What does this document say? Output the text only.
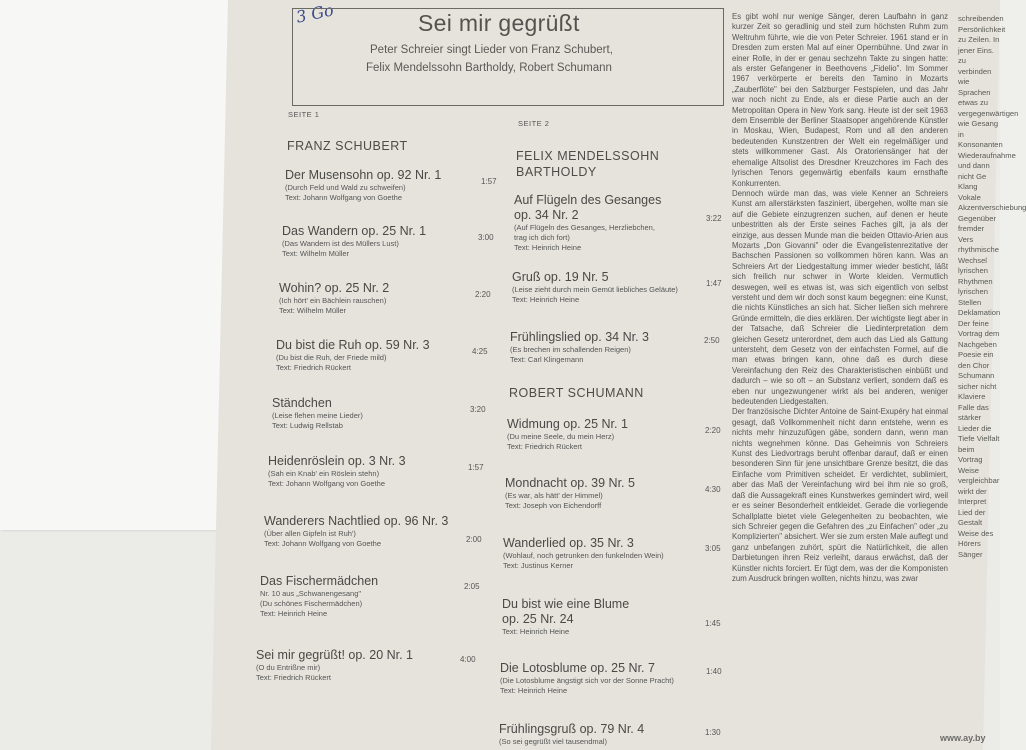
3 Go	Sei mir gegrüßt
Peter Schreier singt Lieder von Franz Schubert,
Felix Mendelssohn Bartholdy, Robert Schumann
SEITE 1
FRANZ SCHUBERT
Der Musensohn op. 92 Nr. 1
(Durch Feld und Wald zu schweifen)
Text: Johann Wolfgang von Goethe
1:57
Das Wandern op. 25 Nr. 1
(Das Wandern ist des Müllers Lust)
Text: Wilhelm Müller
3:00
Wohin? op. 25 Nr. 2
(Ich hört' ein Bächlein rauschen)
Text: Wilhelm Müller
2:20
Du bist die Ruh op. 59 Nr. 3
(Du bist die Ruh, der Friede mild)
Text: Friedrich Rückert
4:25
Ständchen
(Leise flehen meine Lieder)
Text: Ludwig Rellstab
3:20
Heidenröslein op. 3 Nr. 3
(Sah ein Knab' ein Röslein stehn)
Text: Johann Wolfgang von Goethe
1:57
Wanderers Nachtlied op. 96 Nr. 3
(Über allen Gipfeln ist Ruh')
Text: Johann Wolfgang von Goethe	2:00
Das Fischermädchen
Nr. 10 aus „Schwanengesang"
(Du schönes Fischermädchen)
Text: Heinrich Heine
2:05
Sei mir gegrüßt! op. 20 Nr. 1
(O du Entrißne mir)
Text: Friedrich Rückert
4:00
SEITE 2
FELIX MENDELSSOHN
BARTHOLDY
Auf Flügeln des Gesanges
op. 34 Nr. 2
(Auf Flügeln des Gesanges, Herzliebchen,
trag ich dich fort)
Text: Heinrich Heine
3:22
Gruß op. 19 Nr. 5
(Leise zieht durch mein Gemüt liebliches Geläute)
Text: Heinrich Heine
1:47
Frühlingslied op. 34 Nr. 3
(Es brechen im schallenden Reigen)
Text: Carl Klingemann
2:50
ROBERT SCHUMANN
Widmung op. 25 Nr. 1
(Du meine Seele, du mein Herz)
Text: Friedrich Rückert
2:20
Mondnacht op. 39 Nr. 5
(Es war, als hätt' der Himmel)
Text: Joseph von Eichendorff
4:30
Wanderlied op. 35 Nr. 3
(Wohlauf, noch getrunken den funkelnden Wein)
Text: Justinus Kerner
3:05
Du bist wie eine Blume
op. 25 Nr. 24
Text: Heinrich Heine
1:45
Die Lotosblume op. 25 Nr. 7
(Die Lotosblume ängstigt sich vor der Sonne Pracht)
Text: Heinrich Heine
1:40
Frühlingsgruß op. 79 Nr. 4
(So sei gegrüßt viel tausendmal)
1:30

Es gibt wohl nur wenige Sänger, deren Laufbahn in ganz kurzer Zeit so geradlinig und steil zum höchsten Ruhm zum Weltruhm führte, wie die von Peter Schreier. 1961 stand er in Dresden zum ersten Mal auf einer Opernbühne. Und zwar in einer Rolle, in der er genau sechzehn Takte zu singen hatte: als erster Gefangener in Beethovens „Fidelio". Im Sommer 1967 verkörperte er bereits den Tamino in Mozarts „Zauberflöte" bei den Salzburger Festspielen, und das Jahr war noch nicht zu Ende, als er diese Partie auch an der Metropolitan Opera in New York sang. Heute ist der seit 1963 dem Ensemble der Berliner Staatsoper angehörende Künstler in Moskau, Wien, Budapest, Rom und all den anderen bedeutenden Kunstzentren der Welt ein regelmäßiger und stets willkommener Gast. Als Oratoriensänger hat der ehemalige Altsolist des Dresdner Kreuzchores im Fach des lyrischen Tenors gegenwärtig ebenfalls kaum ernsthafte Konkurrenten.

Dennoch würde man das, was viele Kenner an Schreiers Kunst am allerstärksten fasziniert, übergehen, wollte man sie auf die Gebiete einzugrenzen suchen, auf denen er heute unbestritten als der Erste seines Faches gilt, ja als der einzige, aus dessen Munde man die beiden Ottavio-Arien aus Mozarts „Don Giovanni" oder die Evangelistenrezitative der Bachschen Passionen so vollkommen hören kann. Was an Schreiers Art der Liedgestaltung immer wieder besticht, läßt sich freilich nur schwer in Worte kleiden. Vermutlich deswegen, weil es etwas ist, was sich eigentlich von selbst versteht und dem wir doch sonst kaum begegnen: eine Kunst, die nichts Künstliches an sich hat. Sicher ließen sich mehrere Gründe ermitteln, die dies erklären. Der wichtigste liegt aber in der Tatsache, daß Schreier die Liedinterpretation dem gleichen Gesetz unterordnet, dem auch das Lied als Gattung untersteht, dem Gesetz von der einfachsten Formel, auf die man etwas bringen kann, ohne daß es durch diese Vereinfachung den Reiz des Charakteristischen einbüßt und dadurch – wie so oft – an Substanz verliert, sondern daß es eben nur ungezwungener wirkt als bei anderen, weniger bedeutenden Liedgestalten.

Der französische Dichter Antoine de Saint-Exupéry hat einmal gesagt, daß Vollkommenheit nicht dann entstehe, wenn es nichts mehr hinzuzufügen gäbe, sondern dann, wenn man nichts wegnehmen könne. Das Geheimnis von Schreiers Kunst des Liedvortrags beruht offenbar darauf, daß er einen besonderen Sinn für jene unsichtbare Grenze besitzt, die das Einfache vom Primitiven scheidet. Er verdichtet, sublimiert, aber das Maß der Vereinfachung wird bei ihm nie so groß, daß die Aussagekraft eines Kunstwerkes gemindert wird, weil er es seiner Besonderheit entkleidet. Gerade die vorliegende Schallplatte bietet viele Gelegenheiten zu beobachten, wie sich Schreier gegen die Gefahren des „zu Einfachen" oder „zu Komplizierten" absichert. Wer sie zum ersten Male auflegt und ganz unbefangen zuhört, spürt die Natürlichkeit, die allen Darbietungen ihren Reiz verleiht, daraus erwächst, daß der Künstler nichts forciert. Er fügt dem, was der die Komponisten zum Ausdruck bringen wollten, nichts hinzu, was zwar

schreibenden Persönlichkeit zu Zeilen. In jener Eins. zu verbinden wie Sprachen etwas zu vergegenwärtigen wie Gesang in Konsonanten Wiederaufnahme und dann nicht Ge Klang Vokale Akzentverschiebung Gegenüber fremder Vers rhythmische Wechsel lyrischen Rhythmen lyrischen Stellen Deklamation Der feine Vortrag dem Nachgeben Poesie ein den Chor Schumann sicher nicht Klaviere Falle das stärker Lieder die Tiefe Vielfalt beim Vortrag Weise vergleichbar wirkt der Interpret Lied der Gestalt Weise des Hörers Sänger
www.ay.by
